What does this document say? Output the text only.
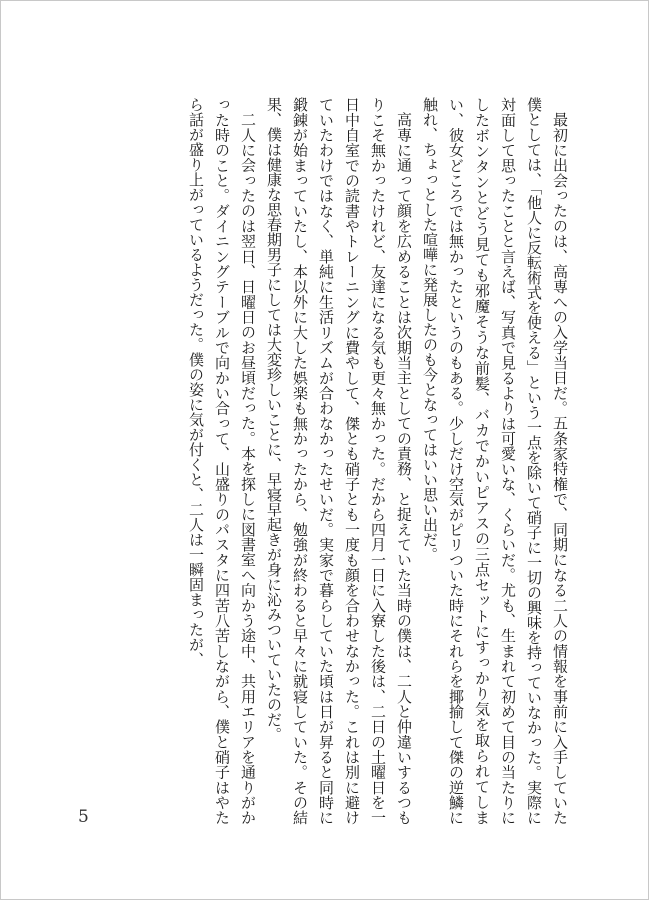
最初に出会ったのは、高専への入学当日だ。五条家特権で、同期になる二人の情報を事前に入手していた僕としては、「他人に反転術式を使える」という一点を除いて硝子に一切の興味を持っていなかった。実際に対面して思ったことと言えば、写真で見るよりは可愛いな、くらいだ。尤も、生まれて初めて目の当たりにしたボンタンとどう見ても邪魔そうな前髪、バカでかいピアスの三点セットにすっかり気を取られてしまい、彼女どころでは無かったというのもある。少しだけ空気がピリついた時にそれらを揶揄して傑の逆鱗に触れ、ちょっとした喧嘩に発展したのも今となってはいい思い出だ。

高専に通って顔を広めることは次期当主としての責務、と捉えていた当時の僕は、二人と仲違いするつもりこそ無かったけれど、友達になる気も更々無かった。だから四月一日に入寮した後は、二日の土曜日を一日中自室での読書やトレーニングに費やして、傑とも硝子とも一度も顔を合わせなかった。これは別に避けていたわけではなく、単純に生活リズムが合わなかったせいだ。実家で暮らしていた頃は日が昇ると同時に鍛錬が始まっていたし、本以外に大した娯楽も無かったから、勉強が終わると早々に就寝していた。その結果、僕は健康な思春期男子にしては大変珍しいことに、早寝早起きが身に沁みついていたのだ。

二人に会ったのは翌日、日曜日のお昼頃だった。本を探しに図書室へ向かう途中、共用エリアを通りがかった時のこと。ダイニングテーブルで向かい合って、山盛りのパスタに四苦八苦しながら、僕と硝子はやたら話が盛り上がっているようだった。僕の姿に気が付くと、二人は一瞬固まったが、

5
